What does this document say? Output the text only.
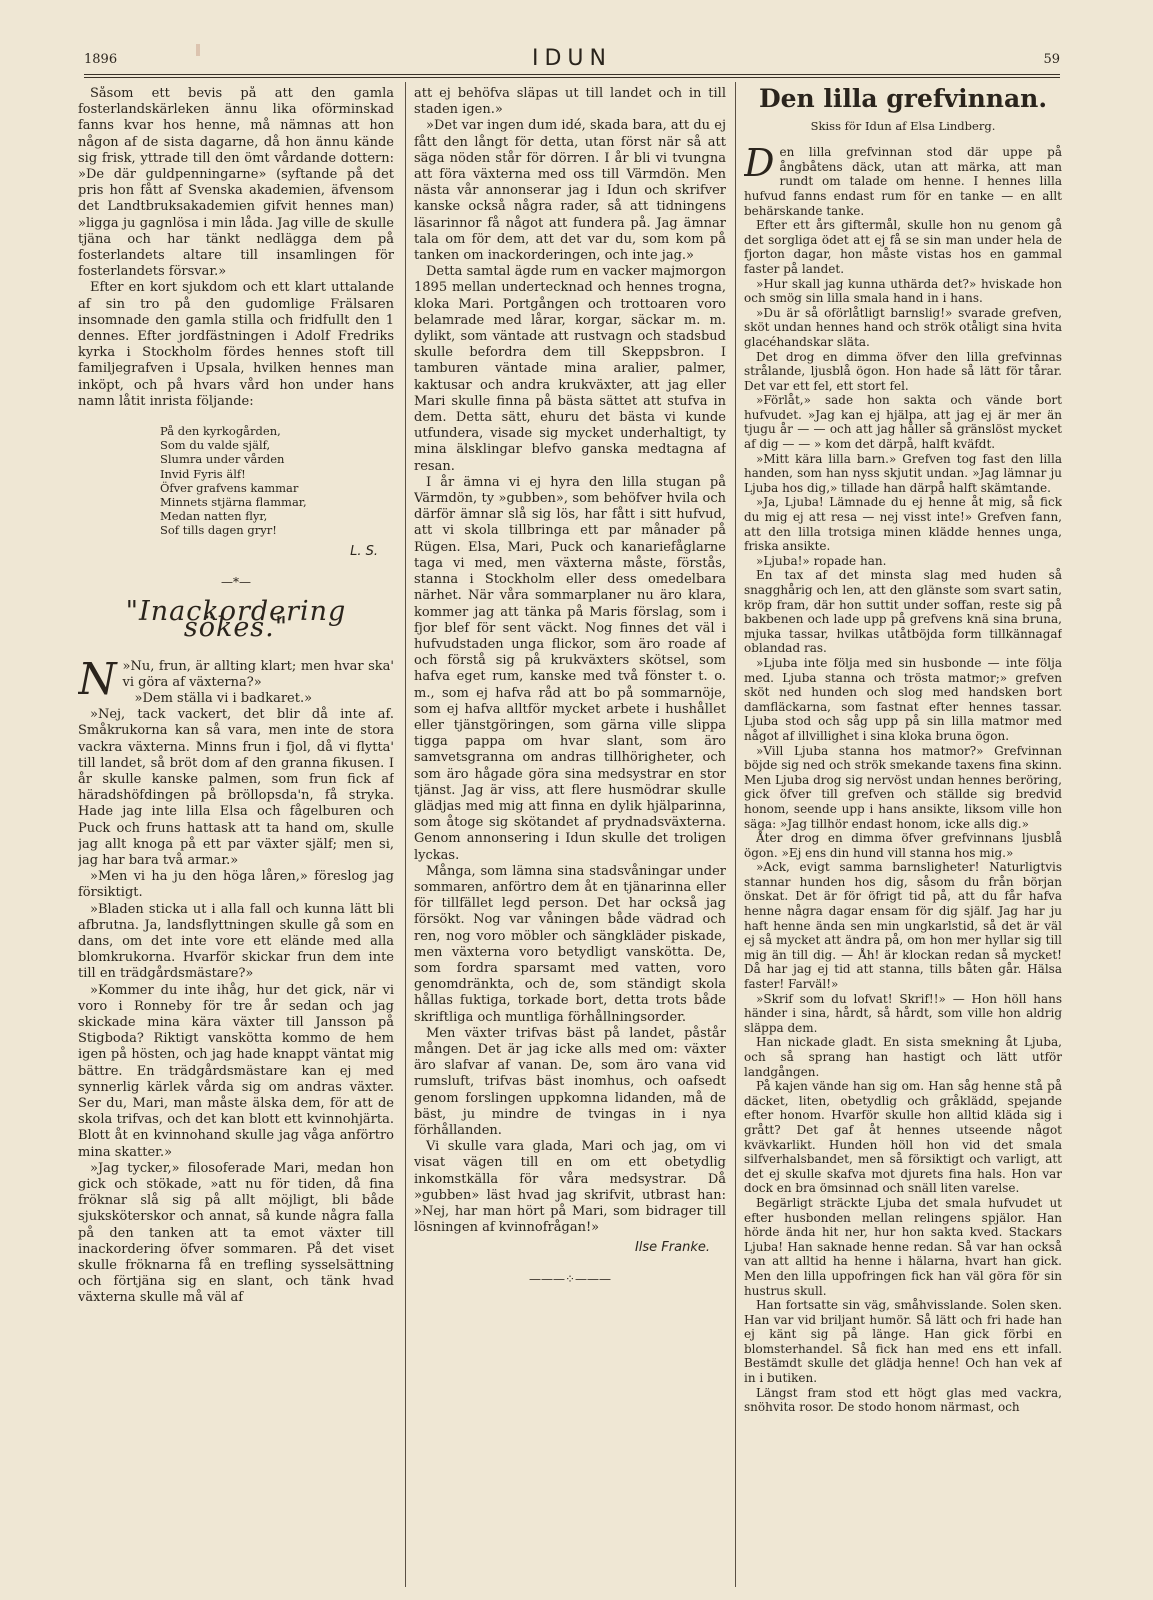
1896	IDUN	59

Såsom ett bevis på att den gamla fosterlandskärleken ännu lika oförminskad fanns kvar hos henne, må nämnas att hon någon af de sista dagarne, då hon ännu kände sig frisk, yttrade till den ömt vårdande dottern: »De där guldpenningarne» (syftande på det pris hon fått af Svenska akademien, äfvensom det Landtbruksakademien gifvit hennes man) »ligga ju gagnlösa i min låda. Jag ville de skulle tjäna och har tänkt nedlägga dem på fosterlandets altare till insamlingen för fosterlandets försvar.»

Efter en kort sjukdom och ett klart uttalande af sin tro på den gudomlige Frälsaren insomnade den gamla stilla och fridfullt den 1 dennes. Efter jordfästningen i Adolf Fredriks kyrka i Stockholm fördes hennes stoft till familjegrafven i Upsala, hvilken hennes man inköpt, och på hvars vård hon under hans namn låtit inrista följande:

På den kyrkogården,
Som du valde själf,
Slumra under vården
Invid Fyris älf!
Öfver grafvens kammar
Minnets stjärna flammar,
Medan natten flyr,
Sof tills dagen gryr!
L. S.
—*—
"Inackordering sökes."

N »Nu, frun, är allting klart; men hvar ska' vi göra af växterna?»

»Dem ställa vi i badkaret.»

»Nej, tack vackert, det blir då inte af. Småkrukorna kan så vara, men inte de stora vackra växterna. Minns frun i fjol, då vi flytta' till landet, så bröt dom af den granna fikusen. I år skulle kanske palmen, som frun fick af häradshöfdingen på bröllopsda'n, få stryka. Hade jag inte lilla Elsa och fågelburen och Puck och fruns hattask att ta hand om, skulle jag allt knoga på ett par växter själf; men si, jag har bara två armar.»

»Men vi ha ju den höga låren,» föreslog jag försiktigt.

»Bladen sticka ut i alla fall och kunna lätt bli afbrutna. Ja, landsflyttningen skulle gå som en dans, om det inte vore ett elände med alla blomkrukorna. Hvarför skickar frun dem inte till en trädgårdsmästare?»

»Kommer du inte ihåg, hur det gick, när vi voro i Ronneby för tre år sedan och jag skickade mina kära växter till Jansson på Stigboda? Riktigt vanskötta kommo de hem igen på hösten, och jag hade knappt väntat mig bättre. En trädgårdsmästare kan ej med synnerlig kärlek vårda sig om andras växter. Ser du, Mari, man måste älska dem, för att de skola trifvas, och det kan blott ett kvinnohjärta. Blott åt en kvinnohand skulle jag våga anförtro mina skatter.»

»Jag tycker,» filosoferade Mari, medan hon gick och stökade, »att nu för tiden, då fina fröknar slå sig på allt möjligt, bli både sjuksköterskor och annat, så kunde några falla på den tanken att ta emot växter till inackordering öfver sommaren. På det viset skulle fröknarna få en trefling sysselsättning och förtjäna sig en slant, och tänk hvad växterna skulle må väl af

att ej behöfva släpas ut till landet och in till staden igen.»

»Det var ingen dum idé, skada bara, att du ej fått den långt för detta, utan först när så att säga nöden står för dörren. I år bli vi tvungna att föra växterna med oss till Värmdön. Men nästa vår annonserar jag i Idun och skrifver kanske också några rader, så att tidningens läsarinnor få något att fundera på. Jag ämnar tala om för dem, att det var du, som kom på tanken om inackorderingen, och inte jag.»

Detta samtal ägde rum en vacker majmorgon 1895 mellan undertecknad och hennes trogna, kloka Mari. Portgången och trottoaren voro belamrade med lårar, korgar, säckar m. m. dylikt, som väntade att rustvagn och stadsbud skulle befordra dem till Skeppsbron. I tamburen väntade mina aralier, palmer, kaktusar och andra krukväxter, att jag eller Mari skulle finna på bästa sättet att stufva in dem. Detta sätt, ehuru det bästa vi kunde utfundera, visade sig mycket underhaltigt, ty mina älsklingar blefvo ganska medtagna af resan.

I år ämna vi ej hyra den lilla stugan på Värmdön, ty »gubben», som behöfver hvila och därför ämnar slå sig lös, har fått i sitt hufvud, att vi skola tillbringa ett par månader på Rügen. Elsa, Mari, Puck och kanariefåglarne taga vi med, men växterna måste, förstås, stanna i Stockholm eller dess omedelbara närhet. När våra sommarplaner nu äro klara, kommer jag att tänka på Maris förslag, som i fjor blef för sent väckt. Nog finnes det väl i hufvudstaden unga flickor, som äro roade af och förstå sig på krukväxters skötsel, som hafva eget rum, kanske med två fönster t. o. m., som ej hafva råd att bo på sommarnöje, som ej hafva alltför mycket arbete i hushållet eller tjänstgöringen, som gärna ville slippa tigga pappa om hvar slant, som äro samvetsgranna om andras tillhörigheter, och som äro hågade göra sina medsystrar en stor tjänst. Jag är viss, att flere husmödrar skulle glädjas med mig att finna en dylik hjälparinna, som åtoge sig skötandet af prydnadsväxterna. Genom annonsering i Idun skulle det troligen lyckas.

Många, som lämna sina stadsvåningar under sommaren, anförtro dem åt en tjänarinna eller för tillfället legd person. Det har också jag försökt. Nog var våningen både vädrad och ren, nog voro möbler och sängkläder piskade, men växterna voro betydligt vanskötta. De, som fordra sparsamt med vatten, voro genomdränkta, och de, som ständigt skola hållas fuktiga, torkade bort, detta trots både skriftliga och muntliga förhållningsorder.

Men växter trifvas bäst på landet, påstår mången. Det är jag icke alls med om: växter äro slafvar af vanan. De, som äro vana vid rumsluft, trifvas bäst inomhus, och oafsedt genom forslingen uppkomna lidanden, må de bäst, ju mindre de tvingas in i nya förhållanden.

Vi skulle vara glada, Mari och jag, om vi visat vägen till en om ett obetydlig inkomstkälla för våra medsystrar. Då »gubben» läst hvad jag skrifvit, utbrast han: »Nej, har man hört på Mari, som bidrager till lösningen af kvinnofrågan!»

Ilse Franke.
———⁘———
Den lilla grefvinnan.
Skiss för Idun af Elsa Lindberg.

Den lilla grefvinnan stod där uppe på ångbåtens däck, utan att märka, att man rundt om talade om henne. I hennes lilla hufvud fanns endast rum för en tanke — en allt behärskande tanke.

Efter ett års giftermål, skulle hon nu genom gå det sorgliga ödet att ej få se sin man under hela de fjorton dagar, hon måste vistas hos en gammal faster på landet.

»Hur skall jag kunna uthärda det?» hviskade hon och smög sin lilla smala hand in i hans.

»Du är så oförlåtligt barnslig!» svarade grefven, sköt undan hennes hand och strök otåligt sina hvita glacéhandskar släta.

Det drog en dimma öfver den lilla grefvinnas strålande, ljusblå ögon. Hon hade så lätt för tårar. Det var ett fel, ett stort fel.

»Förlåt,» sade hon sakta och vände bort hufvudet. »Jag kan ej hjälpa, att jag ej är mer än tjugu år — — och att jag håller så gränslöst mycket af dig — — » kom det därpå, halft kväfdt.

»Mitt kära lilla barn.» Grefven tog fast den lilla handen, som han nyss skjutit undan. »Jag lämnar ju Ljuba hos dig,» tillade han därpå halft skämtande.

»Ja, Ljuba! Lämnade du ej henne åt mig, så fick du mig ej att resa — nej visst inte!» Grefven fann, att den lilla trotsiga minen klädde hennes unga, friska ansikte.

»Ljuba!» ropade han.

En tax af det minsta slag med huden så snagghårig och len, att den glänste som svart satin, kröp fram, där hon suttit under soffan, reste sig på bakbenen och lade upp på grefvens knä sina bruna, mjuka tassar, hvilkas utåtböjda form tillkännagaf oblandad ras.

»Ljuba inte följa med sin husbonde — inte följa med. Ljuba stanna och trösta matmor;» grefven sköt ned hunden och slog med handsken bort damfläckarna, som fastnat efter hennes tassar. Ljuba stod och såg upp på sin lilla matmor med något af illvillighet i sina kloka bruna ögon.

»Vill Ljuba stanna hos matmor?» Grefvinnan böjde sig ned och strök smekande taxens fina skinn. Men Ljuba drog sig nervöst undan hennes beröring, gick öfver till grefven och ställde sig bredvid honom, seende upp i hans ansikte, liksom ville hon säga: »Jag tillhör endast honom, icke alls dig.»

Åter drog en dimma öfver grefvinnans ljusblå ögon. »Ej ens din hund vill stanna hos mig.»

»Ack, evigt samma barnsligheter! Naturligtvis stannar hunden hos dig, såsom du från början önskat. Det är för öfrigt tid på, att du får hafva henne några dagar ensam för dig själf. Jag har ju haft henne ända sen min ungkarlstid, så det är väl ej så mycket att ändra på, om hon mer hyllar sig till mig än till dig. — Åh! är klockan redan så mycket! Då har jag ej tid att stanna, tills båten går. Hälsa faster! Farväl!»

»Skrif som du lofvat! Skrif!!» — Hon höll hans händer i sina, hårdt, så hårdt, som ville hon aldrig släppa dem.

Han nickade gladt. En sista smekning åt Ljuba, och så sprang han hastigt och lätt utför landgången.

På kajen vände han sig om. Han såg henne stå på däcket, liten, obetydlig och gråklädd, spejande efter honom. Hvarför skulle hon alltid kläda sig i grått? Det gaf åt hennes utseende något kvävkarlikt. Hunden höll hon vid det smala silfverhalsbandet, men så försiktigt och varligt, att det ej skulle skafva mot djurets fina hals. Hon var dock en bra ömsinnad och snäll liten varelse.

Begärligt sträckte Ljuba det smala hufvudet ut efter husbonden mellan relingens spjälor. Han hörde ända hit ner, hur hon sakta kved. Stackars Ljuba! Han saknade henne redan. Så var han också van att alltid ha henne i hälarna, hvart han gick. Men den lilla uppofringen fick han väl göra för sin hustrus skull.

Han fortsatte sin väg, småhvisslande. Solen sken. Han var vid briljant humör. Så lätt och fri hade han ej känt sig på länge. Han gick förbi en blomsterhandel. Så fick han med ens ett infall. Bestämdt skulle det glädja henne! Och han vek af in i butiken.

Längst fram stod ett högt glas med vackra, snöhvita rosor. De stodo honom närmast, och
